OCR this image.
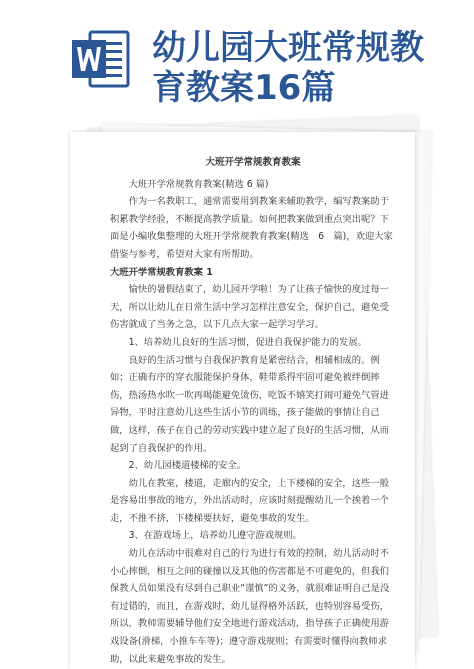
幼儿园大班常规教
育教案16篇
大班开学常规教育教案

大班开学常规教育教案(精选 6 篇)

作为一名教职工，通常需要用到教案来辅助教学，编写教案助于积累教学经验，不断提高教学质量。如何把教案做到重点突出呢？下面是小编收集整理的大班开学常规教育教案(精选　6　篇)，欢迎大家借鉴与参考，希望对大家有所帮助。

大班开学常规教育教案 1

愉快的暑假结束了，幼儿园开学啦！为了让孩子愉快的度过每一天，所以让幼儿在日常生活中学习怎样注意安全，保护自己，避免受伤害就成了当务之急，以下几点大家一起学习学习。

1、培养幼儿良好的生活习惯，促进自我保护能力的发展。

良好的生活习惯与自我保护教育是紧密结合，相辅相成的。例如；正确有序的穿衣服能保护身体，鞋带系得牢固可避免被绊倒摔伤，热汤热水吹一吹再喝能避免烫伤，吃饭不嬉笑打闹可避免气管进异物，平时注意幼儿这些生活小节的训练，孩子能做的事情让自己做，这样，孩子在自己的劳动实践中建立起了良好的生活习惯，从而起到了自我保护的作用。

2、幼儿园楼道楼梯的安全。

幼儿在教室，楼道，走廊内的安全，上下楼梯的安全，这些一般是容易出事故的地方，外出活动时，应该时刻提醒幼儿一个挨着一个走，不推不挤，下楼梯要扶好，避免事故的发生。

3、在游戏场上，培养幼儿遵守游戏规则。

幼儿在活动中很难对自己的行为进行有效的控制，幼儿活动时不小心摔倒，相互之间的碰撞以及其他的伤害都是不可避免的，但我们保教人员如果没有尽到自己职业“谨慎”的义务，就很难证明自己是没有过错的，而且，在游戏时，幼儿显得格外活跃，也特别容易受伤，所以，教师需要辅导他们安全地进行游戏活动，指导孩子正确使用游戏设备(滑梯，小推车车等)；遵守游戏规则；有需要时懂得向教师求助，以此来避免事故的发生。
